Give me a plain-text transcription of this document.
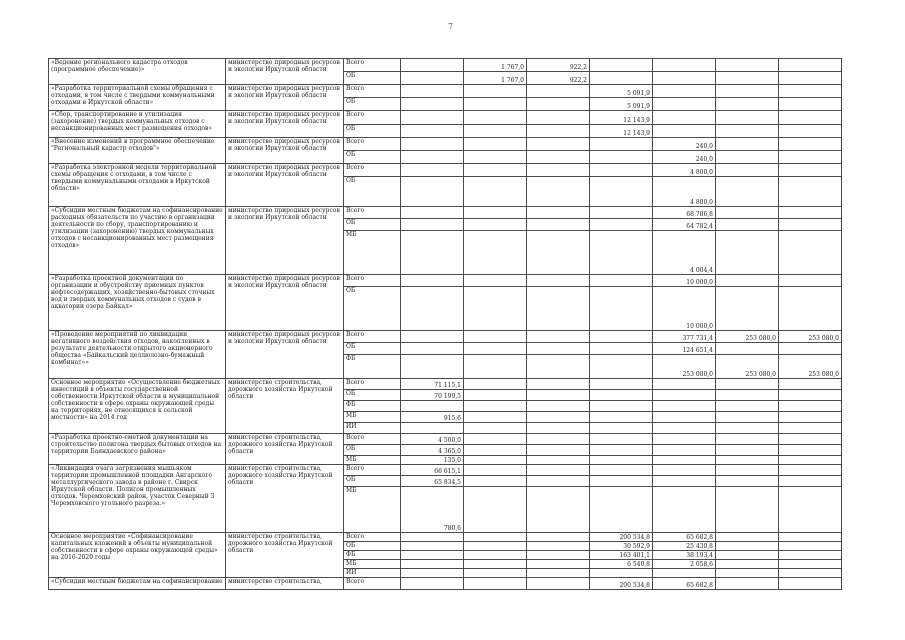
7
«Ведение регионального кадастра отходов (программное обеспечение)»	министерство природных ресурсов и экологии Иркутской области	Всего		1 767,0	922,2				
		ОБ		1 767,0	922,2				
«Разработка территориальной схемы обращения с отходами, в том числе с твердыми коммунальными отходами в Иркутской области»	министерство природных ресурсов и экологии Иркутской области	Всего				5 091,9			
		ОБ				5 091,9			
«Сбор, транспортирование и утилизация (захоронение) твердых коммунальных отходов с несанкционированных мест размещения отходов»	министерство природных ресурсов и экологии Иркутской области	Всего				12 143,9			
		ОБ				12 143,9			
«Внесение изменений в программное обеспечение "Региональный кадастр отходов"»	министерство природных ресурсов и экологии Иркутской области	Всего					240,0		
		ОБ					240,0		
«Разработка электронной модели территориальной схемы обращения с отходами, в том числе с твердыми коммунальными отходами в Иркутской области»	министерство природных ресурсов и экологии Иркутской области	Всего					4 800,0		
		ОБ					4 800,0		
«Субсидии местным бюджетам на софинансирование расходных обязательств по участию в организации деятельности по сбору, транспортированию и утилизации (захоронению) твердых коммунальных отходов с несанкционированных мест размещения отходов»	министерство природных ресурсов и экологии Иркутской области	Всего					68 786,8		
		ОБ					64 782,4		
		МБ					4 004,4		
«Разработка проектной документации по организации и обустройству приемных пунктов нефтесодержащих, хозяйственно-бытовых сточных вод и твердых коммунальных отходов с судов в акватории озера Байкал»	министерство природных ресурсов и экологии Иркутской области	Всего					10 000,0		
		ОБ					10 000,0		
«Проведение мероприятий по ликвидации негативного воздействия отходов, накопленных в результате деятельности открытого акционерного общества «Байкальский целлюлозно-бумажный комбинат»»	министерство природных ресурсов и экологии Иркутской области	Всего					377 731,4	253 080,0	253 080,0
		ОБ					124 651,4		
		ФБ					253 080,0	253 080,0	253 080,0
Основное мероприятие «Осуществление бюджетных инвестиций в объекты государственной собственности Иркутской области и муниципальной собственности в сфере охраны окружающей среды на территориях, не относящихся к сельской местности» на 2014 год	министерство строительства, дорожного хозяйства Иркутской области	Всего	71 115,1						
		ОБ	70 199,5						
		ФБ							
		МБ	915,6						
		ИИ							
«Разработка проектно-сметной документации на строительство полигона твердых бытовых отходов на территории Баяндаевского района»	министерство строительства, дорожного хозяйства Иркутской области	Всего	4 500,0						
		ОБ	4 365,0						
		МБ	135,0						
«Ликвидация очага загрязнения мышьяком территории промышленной площадки Ангарского металлургического завода в районе г. Свирск Иркутской области. Полигон промышленных отходов. Черемховский район, участок Северный 3 Черемховского угольного разреза.»	министерство строительства, дорожного хозяйства Иркутской области	Всего	66 615,1						
		ОБ	65 834,5						
		МБ	780,6						
Основное мероприятие «Софинансирование капитальных вложений в объекты муниципальной собственности в сфере охраны окружающей среды» на 2016-2020 годы	министерство строительства, дорожного хозяйства Иркутской области	Всего				200 534,8	65 682,8		
		ОБ				30 592,9	25 430,8		
		ФБ				163 401,1	38 193,4		
		МБ				6 540,8	2 058,6		
		ИИ							
«Субсидии местным бюджетам на софинансирование	министерство строительства,	Всего				200 534,8	65 682,8		
